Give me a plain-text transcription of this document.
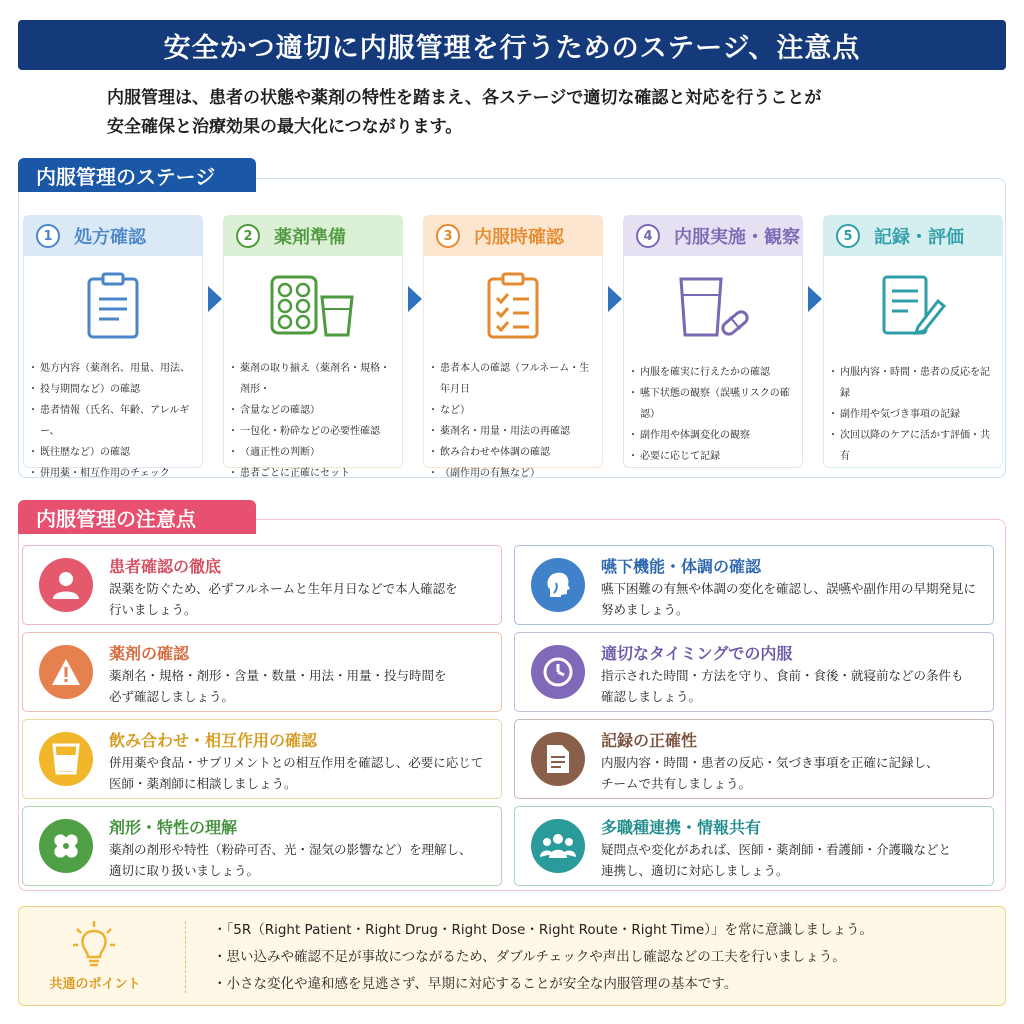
安全かつ適切に内服管理を行うためのステージ、注意点
内服管理は、患者の状態や薬剤の特性を踏まえ、各ステージで適切な確認と対応を行うことが
安全確保と治療効果の最大化につながります。
内服管理のステージ
1	処方確認
・ 処方内容（薬剤名、用量、用法、
・ 投与期間など）の確認
・ 患者情報（氏名、年齢、アレルギー、
・ 既往歴など）の確認
・ 併用薬・相互作用のチェック
2	薬剤準備
・ 薬剤の取り揃え（薬剤名・規格・剤形・
・ 含量などの確認）
・ 一包化・粉砕などの必要性確認
・ （適正性の判断）
・ 患者ごとに正確にセット
3	内服時確認
・ 患者本人の確認（フルネーム・生年月日
・ など）
・ 薬剤名・用量・用法の再確認
・ 飲み合わせや体調の確認
・ （副作用の有無など）
4	内服実施・観察
・ 内服を確実に行えたかの確認
・ 嚥下状態の観察（誤嚥リスクの確認）
・ 副作用や体調変化の観察
・ 必要に応じて記録
5	記録・評価
・ 内服内容・時間・患者の反応を記録
・ 副作用や気づき事項の記録
・ 次回以降のケアに活かす評価・共有
内服管理の注意点
患者確認の徹底
誤薬を防ぐため、必ずフルネームと生年月日などで本人確認を
行いましょう。
嚥下機能・体調の確認
嚥下困難の有無や体調の変化を確認し、誤嚥や副作用の早期発見に
努めましょう。
薬剤の確認
薬剤名・規格・剤形・含量・数量・用法・用量・投与時間を
必ず確認しましょう。
適切なタイミングでの内服
指示された時間・方法を守り、食前・食後・就寝前などの条件も
確認しましょう。
飲み合わせ・相互作用の確認
併用薬や食品・サプリメントとの相互作用を確認し、必要に応じて
医師・薬剤師に相談しましょう。
記録の正確性
内服内容・時間・患者の反応・気づき事項を正確に記録し、
チームで共有しましょう。
剤形・特性の理解
薬剤の剤形や特性（粉砕可否、光・湿気の影響など）を理解し、
適切に取り扱いましょう。
多職種連携・情報共有
疑問点や変化があれば、医師・薬剤師・看護師・介護職などと
連携し、適切に対応しましょう。
共通のポイント
・「5R（Right Patient・Right Drug・Right Dose・Right Route・Right Time）」を常に意識しましょう。
・思い込みや確認不足が事故につながるため、ダブルチェックや声出し確認などの工夫を行いましょう。
・小さな変化や違和感を見逃さず、早期に対応することが安全な内服管理の基本です。
